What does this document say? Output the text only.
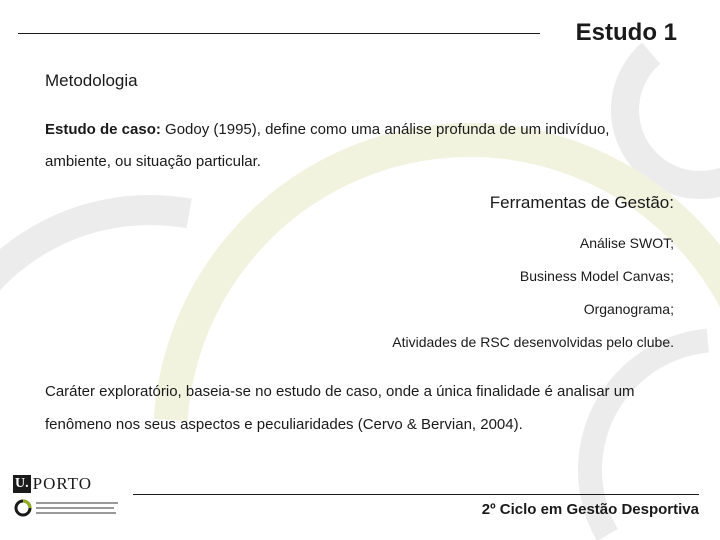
Estudo 1
Metodologia
Estudo de caso: Godoy (1995), define como uma análise profunda de um indivíduo, ambiente, ou situação particular.
Ferramentas de Gestão:
Análise SWOT;
Business Model Canvas;
Organograma;
Atividades de RSC desenvolvidas pelo clube.
Caráter exploratório, baseia-se no estudo de caso, onde a única finalidade é analisar um fenômeno nos seus aspectos e peculiaridades (Cervo & Bervian, 2004).
U. PORTO
2º Ciclo em Gestão Desportiva
